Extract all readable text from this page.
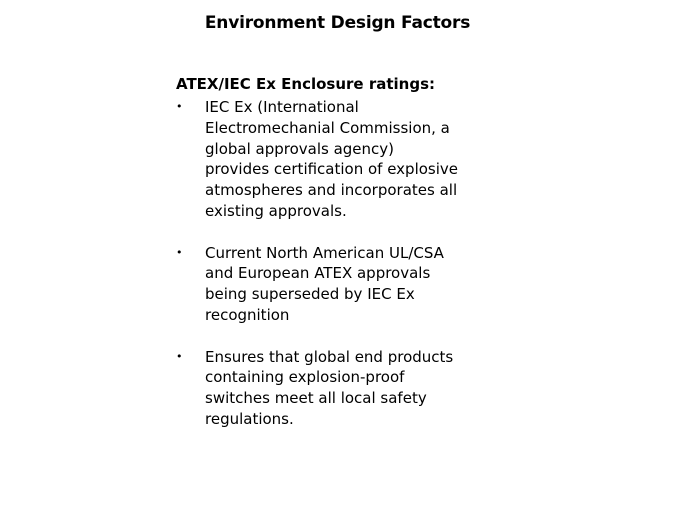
Environment Design Factors
ATEX/IEC Ex Enclosure ratings:
• IEC Ex (International
Electromechanial Commission, a
global approvals agency)
provides certification of explosive
atmospheres and incorporates all
existing approvals.
• Current North American UL/CSA
and European ATEX approvals
being superseded by IEC Ex
recognition
• Ensures that global end products
containing explosion-proof
switches meet all local safety
regulations.
